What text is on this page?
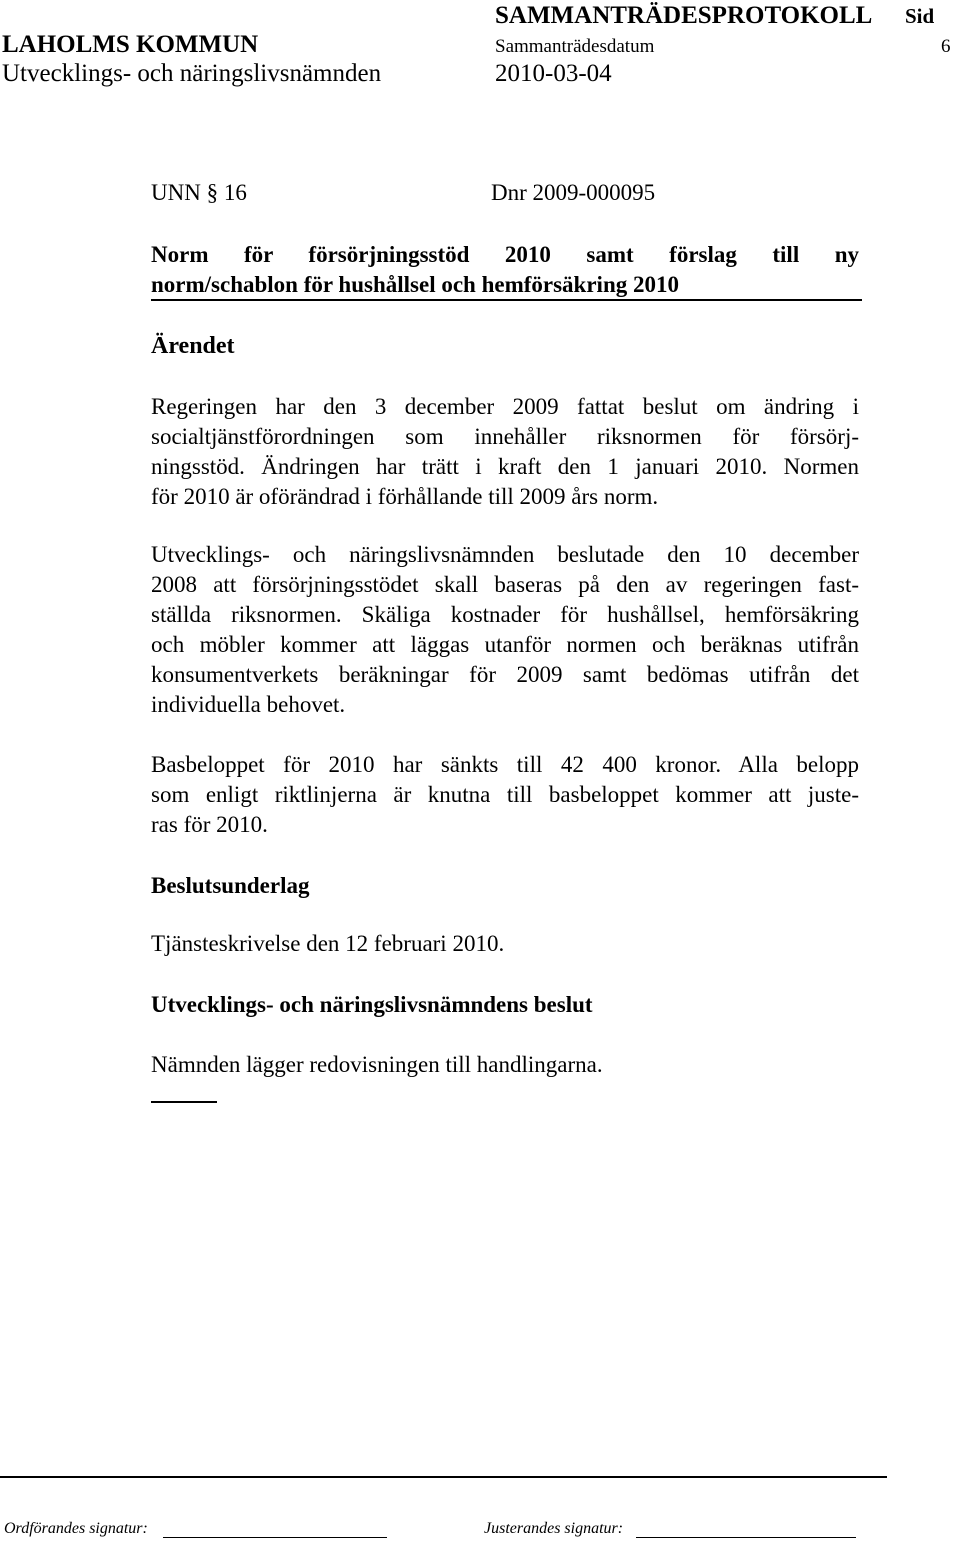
SAMMANTRÄDESPROTOKOLL Sid
LAHOLMS KOMMUN	Sammanträdesdatum	6
Utvecklings- och näringslivsnämnden	2010-03-04
UNN § 16	Dnr 2009-000095
Norm för försörjningsstöd 2010 samt förslag till ny
norm/schablon för hushållsel och hemförsäkring 2010
Ärendet
Regeringen har den 3 december 2009 fattat beslut om ändring i
socialtjänstförordningen som innehåller riksnormen för försörj-
ningsstöd. Ändringen har trätt i kraft den 1 januari 2010. Normen
för 2010 är oförändrad i förhållande till 2009 års norm.
Utvecklings- och näringslivsnämnden beslutade den 10 december
2008 att försörjningsstödet skall baseras på den av regeringen fast-
ställda riksnormen. Skäliga kostnader för hushållsel, hemförsäkring
och möbler kommer att läggas utanför normen och beräknas utifrån
konsumentverkets beräkningar för 2009 samt bedömas utifrån det
individuella behovet.
Basbeloppet för 2010 har sänkts till 42 400 kronor. Alla belopp
som enligt riktlinjerna är knutna till basbeloppet kommer att juste-
ras för 2010.
Beslutsunderlag
Tjänsteskrivelse den 12 februari 2010.
Utvecklings- och näringslivsnämndens beslut
Nämnden lägger redovisningen till handlingarna.
Ordförandes signatur:	Justerandes signatur:
